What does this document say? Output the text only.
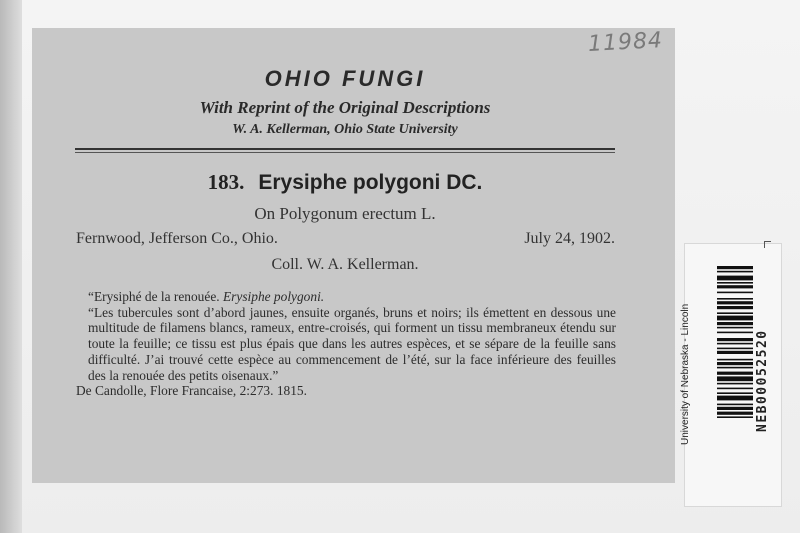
11984
OHIO FUNGI
With Reprint of the Original Descriptions
W. A. Kellerman, Ohio State University
183. Erysiphe polygoni DC.
On Polygonum erectum L.
Fernwood, Jefferson Co., Ohio.	July 24, 1902.
Coll. W. A. Kellerman.

“Erysiphé de la renouée. Erysiphe polygoni.

“Les tubercules sont d’abord jaunes, ensuite organés, bruns et noirs; ils émettent en dessous une multitude de filamens blancs, rameux, entre-croisés, qui forment un tissu membraneux étendu sur toute la feuille; ce tissu est plus épais que dans les autres espèces, et se sépare de la feuille sans difficulté. J’ai trouvé cette espèce au commencement de l’été, sur la face inférieure des feuilles des la renouée des petits oisenaux.”

De Candolle, Flore Francaise, 2:273. 1815.

University of	NEB00052520
